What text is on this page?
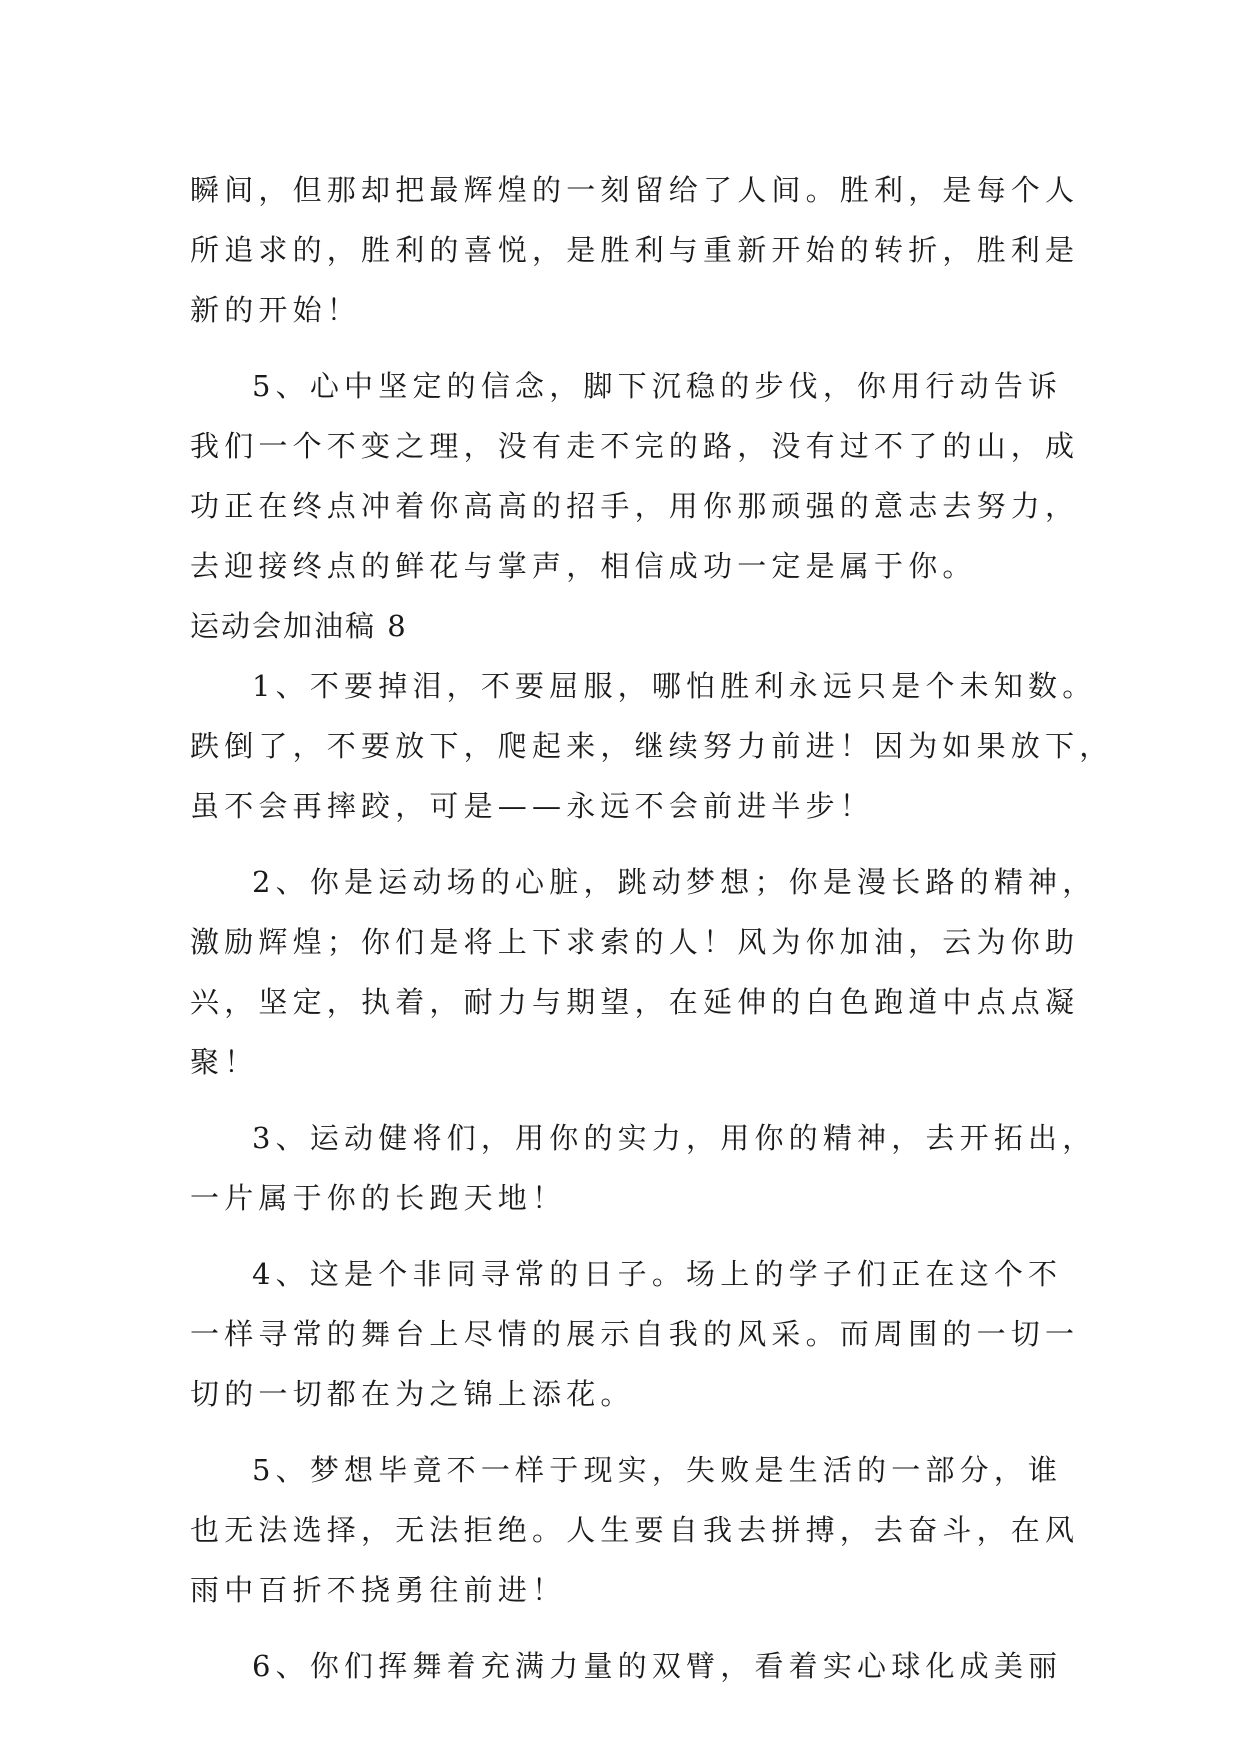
瞬间，但那却把最辉煌的一刻留给了人间。胜利，是每个人
所追求的，胜利的喜悦，是胜利与重新开始的转折，胜利是
新的开始！
5、心中坚定的信念，脚下沉稳的步伐，你用行动告诉
我们一个不变之理，没有走不完的路，没有过不了的山，成
功正在终点冲着你高高的招手，用你那顽强的意志去努力，
去迎接终点的鲜花与掌声，相信成功一定是属于你。
运动会加油稿 8
1、不要掉泪，不要屈服，哪怕胜利永远只是个未知数。
跌倒了，不要放下，爬起来，继续努力前进！因为如果放下，
虽不会再摔跤，可是——永远不会前进半步！
2、你是运动场的心脏，跳动梦想；你是漫长路的精神，
激励辉煌；你们是将上下求索的人！风为你加油，云为你助
兴，坚定，执着，耐力与期望，在延伸的白色跑道中点点凝
聚！
3、运动健将们，用你的实力，用你的精神，去开拓出，
一片属于你的长跑天地！
4、这是个非同寻常的日子。场上的学子们正在这个不
一样寻常的舞台上尽情的展示自我的风采。而周围的一切一
切的一切都在为之锦上添花。
5、梦想毕竟不一样于现实，失败是生活的一部分，谁
也无法选择，无法拒绝。人生要自我去拼搏，去奋斗，在风
雨中百折不挠勇往前进！
6、你们挥舞着充满力量的双臂，看着实心球化成美丽
